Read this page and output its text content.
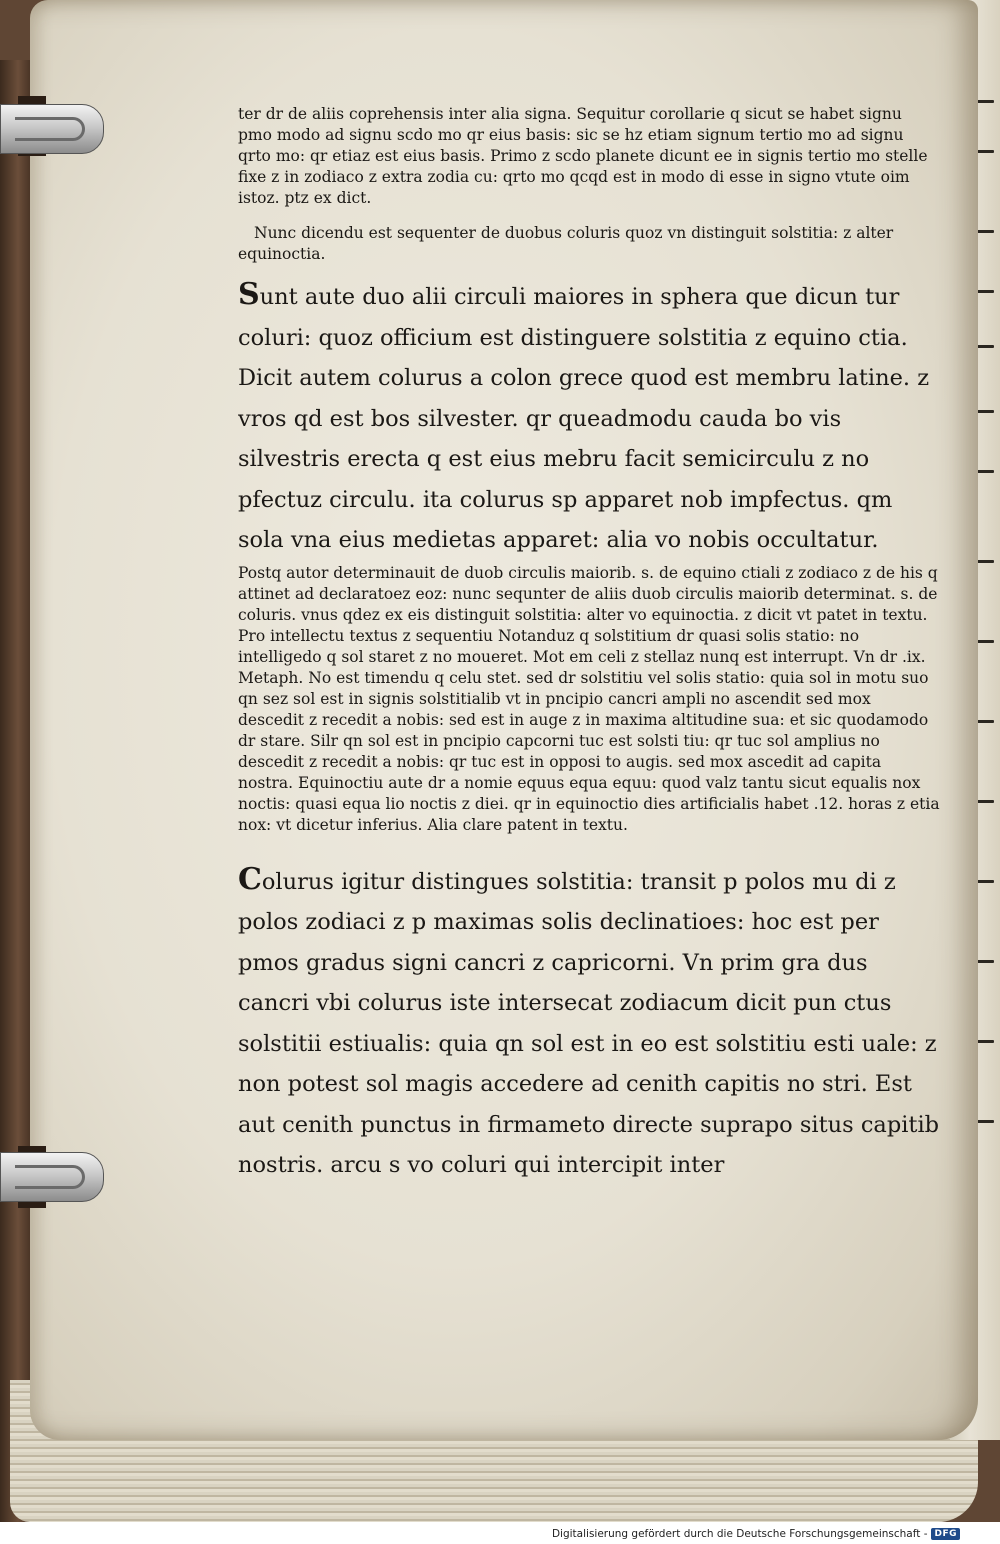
ter dr de aliis coprehensis inter alia signa. Sequitur corollarie q sicut se habet signu pmo modo ad signu scdo mo qr eius basis: sic se hz etiam signum tertio mo ad signu qrto mo: qr etiaz est eius basis. Primo z scdo planete dicunt ee in signis tertio mo stelle fixe z in zodiaco z extra zodia cu: qrto mo qcqd est in modo di esse in signo vtute oim istoz. ptz ex dict.

Nunc dicendu est sequenter de duobus coluris quoz vn distinguit solstitia: z alter equinoctia.

Sunt aute duo alii circuli maiores in sphera que dicun tur coluri: quoz officium est distinguere solstitia z equino ctia. Dicit autem colurus a colon grece quod est membru latine. z vros qd est bos silvester. qr queadmodu cauda bo vis silvestris erecta q est eius mebru facit semicirculu z no pfectuz circulu. ita colurus sp apparet nob impfectus. qm sola vna eius medietas apparet: alia vo nobis occultatur.

Postq autor determinauit de duob circulis maiorib. s. de equino ctiali z zodiaco z de his q attinet ad declaratoez eoz: nunc sequnter de aliis duob circulis maiorib determinat. s. de coluris. vnus qdez ex eis distinguit solstitia: alter vo equinoctia. z dicit vt patet in textu.

Pro intellectu textus z sequentiu Notanduz q solstitium dr quasi solis statio: no intelligedo q sol staret z no moueret. Mot em celi z stellaz nunq est interrupt. Vn dr .ix. Metaph. No est timendu q celu stet. sed dr solstitiu vel solis statio: quia sol in motu suo qn sez sol est in signis solstitialib vt in pncipio cancri ampli no ascendit sed mox descedit z recedit a nobis: sed est in auge z in maxima altitudine sua: et sic quodamodo dr stare. Silr qn sol est in pncipio capcorni tuc est solsti tiu: qr tuc sol amplius no descedit z recedit a nobis: qr tuc est in opposi to augis. sed mox ascedit ad capita nostra. Equinoctiu aute dr a nomie equus equa equu: quod valz tantu sicut equalis nox noctis: quasi equa lio noctis z diei. qr in equinoctio dies artificialis habet .12. horas z etia nox: vt dicetur inferius. Alia clare patent in textu.

Colurus igitur distingues solstitia: transit p polos mu di z polos zodiaci z p maximas solis declinatioes: hoc est per pmos gradus signi cancri z capricorni. Vn prim gra dus cancri vbi colurus iste intersecat zodiacum dicit pun ctus solstitii estiualis: quia qn sol est in eo est solstitiu esti uale: z non potest sol magis accedere ad cenith capitis no stri. Est aut cenith punctus in firmameto directe suprapo situs capitib nostris. arcu s vo coluri qui intercipit inter

Digitalisierung gefördert durch die Deutsche Forschungsgemeinschaft - DFG
